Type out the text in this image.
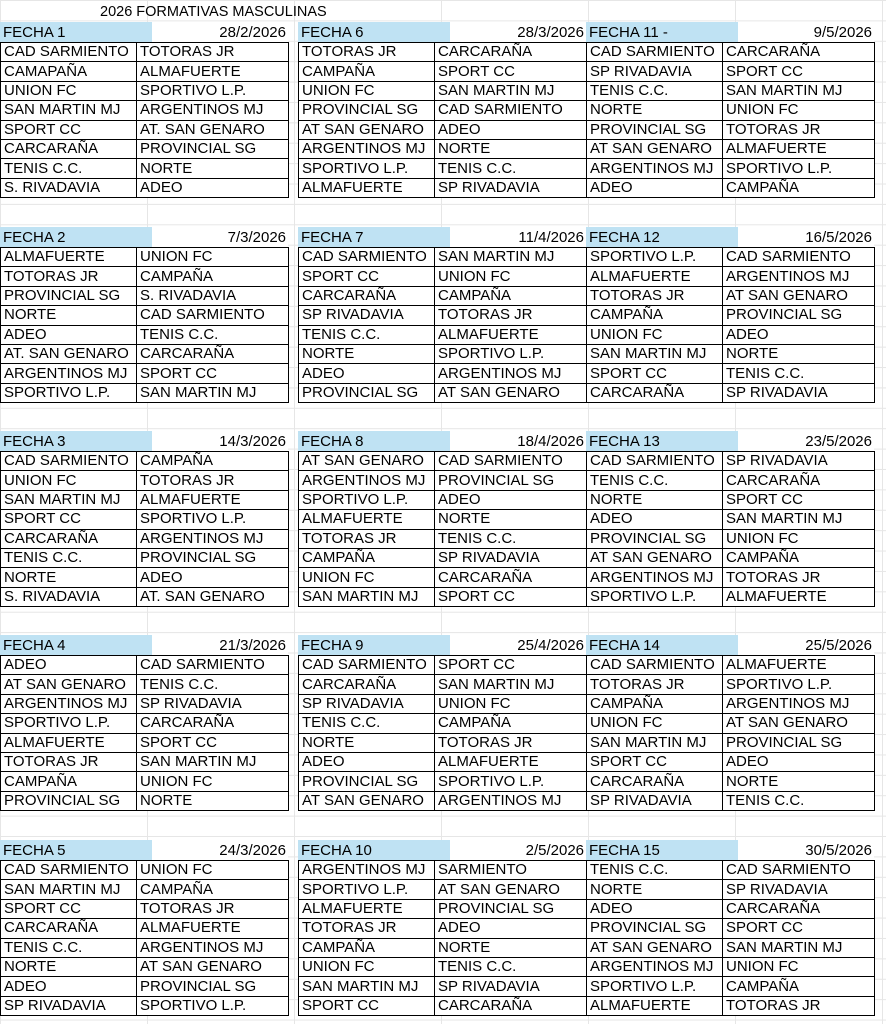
2026 FORMATIVAS MASCULINAS
FECHA 1	28/2/2026
CAD SARMIENTO	TOTORAS JR
CAMAPAÑA	ALMAFUERTE
UNION FC	SPORTIVO L.P.
SAN MARTIN MJ	ARGENTINOS MJ
SPORT CC	AT. SAN GENARO
CARCARAÑA	PROVINCIAL SG
TENIS C.C.	NORTE
S. RIVADAVIA	ADEO
FECHA 6	28/3/2026
TOTORAS JR	CARCARAÑA
CAMPAÑA	SPORT CC
UNION FC	SAN MARTIN MJ
PROVINCIAL SG	CAD SARMIENTO
AT SAN GENARO	ADEO
ARGENTINOS MJ	NORTE
SPORTIVO L.P.	TENIS C.C.
ALMAFUERTE	SP RIVADAVIA
FECHA 11 -	9/5/2026
CAD SARMIENTO	CARCARAÑA
SP RIVADAVIA	SPORT CC
TENIS C.C.	SAN MARTIN MJ
NORTE	UNION FC
PROVINCIAL SG	TOTORAS JR
AT SAN GENARO	ALMAFUERTE
ARGENTINOS MJ	SPORTIVO L.P.
ADEO	CAMPAÑA
FECHA 2	7/3/2026
ALMAFUERTE	UNION FC
TOTORAS JR	CAMPAÑA
PROVINCIAL SG	S. RIVADAVIA
NORTE	CAD SARMIENTO
ADEO	TENIS C.C.
AT. SAN GENARO	CARCARAÑA
ARGENTINOS MJ	SPORT CC
SPORTIVO L.P.	SAN MARTIN MJ
FECHA 7	11/4/2026
CAD SARMIENTO	SAN MARTIN MJ
SPORT CC	UNION FC
CARCARAÑA	CAMPAÑA
SP RIVADAVIA	TOTORAS JR
TENIS C.C.	ALMAFUERTE
NORTE	SPORTIVO L.P.
ADEO	ARGENTINOS MJ
PROVINCIAL SG	AT SAN GENARO
FECHA 12	16/5/2026
SPORTIVO L.P.	CAD SARMIENTO
ALMAFUERTE	ARGENTINOS MJ
TOTORAS JR	AT SAN GENARO
CAMPAÑA	PROVINCIAL SG
UNION FC	ADEO
SAN MARTIN MJ	NORTE
SPORT CC	TENIS C.C.
CARCARAÑA	SP RIVADAVIA
FECHA 3	14/3/2026
CAD SARMIENTO	CAMPAÑA
UNION FC	TOTORAS JR
SAN MARTIN MJ	ALMAFUERTE
SPORT CC	SPORTIVO L.P.
CARCARAÑA	ARGENTINOS MJ
TENIS C.C.	PROVINCIAL SG
NORTE	ADEO
S. RIVADAVIA	AT. SAN GENARO
FECHA 8	18/4/2026
AT SAN GENARO	CAD SARMIENTO
ARGENTINOS MJ	PROVINCIAL SG
SPORTIVO L.P.	ADEO
ALMAFUERTE	NORTE
TOTORAS JR	TENIS C.C.
CAMPAÑA	SP RIVADAVIA
UNION FC	CARCARAÑA
SAN MARTIN MJ	SPORT CC
FECHA 13	23/5/2026
CAD SARMIENTO	SP RIVADAVIA
TENIS C.C.	CARCARAÑA
NORTE	SPORT CC
ADEO	SAN MARTIN MJ
PROVINCIAL SG	UNION FC
AT SAN GENARO	CAMPAÑA
ARGENTINOS MJ	TOTORAS JR
SPORTIVO L.P.	ALMAFUERTE
FECHA 4	21/3/2026
ADEO	CAD SARMIENTO
AT SAN GENARO	TENIS C.C.
ARGENTINOS MJ	SP RIVADAVIA
SPORTIVO L.P.	CARCARAÑA
ALMAFUERTE	SPORT CC
TOTORAS JR	SAN MARTIN MJ
CAMPAÑA	UNION FC
PROVINCIAL SG	NORTE
FECHA 9	25/4/2026
CAD SARMIENTO	SPORT CC
CARCARAÑA	SAN MARTIN MJ
SP RIVADAVIA	UNION FC
TENIS C.C.	CAMPAÑA
NORTE	TOTORAS JR
ADEO	ALMAFUERTE
PROVINCIAL SG	SPORTIVO L.P.
AT SAN GENARO	ARGENTINOS MJ
FECHA 14	25/5/2026
CAD SARMIENTO	ALMAFUERTE
TOTORAS JR	SPORTIVO L.P.
CAMPAÑA	ARGENTINOS MJ
UNION FC	AT SAN GENARO
SAN MARTIN MJ	PROVINCIAL SG
SPORT CC	ADEO
CARCARAÑA	NORTE
SP RIVADAVIA	TENIS C.C.
FECHA 5	24/3/2026
CAD SARMIENTO	UNION FC
SAN MARTIN MJ	CAMPAÑA
SPORT CC	TOTORAS JR
CARCARAÑA	ALMAFUERTE
TENIS C.C.	ARGENTINOS MJ
NORTE	AT SAN GENARO
ADEO	PROVINCIAL SG
SP RIVADAVIA	SPORTIVO L.P.
FECHA 10	2/5/2026
ARGENTINOS MJ	SARMIENTO
SPORTIVO L.P.	AT SAN GENARO
ALMAFUERTE	PROVINCIAL SG
TOTORAS JR	ADEO
CAMPAÑA	NORTE
UNION FC	TENIS C.C.
SAN MARTIN MJ	SP RIVADAVIA
SPORT CC	CARCARAÑA
FECHA 15	30/5/2026
TENIS C.C.	CAD SARMIENTO
NORTE	SP RIVADAVIA
ADEO	CARCARAÑA
PROVINCIAL SG	SPORT CC
AT SAN GENARO	SAN MARTIN MJ
ARGENTINOS MJ	UNION FC
SPORTIVO L.P.	CAMPAÑA
ALMAFUERTE	TOTORAS JR
